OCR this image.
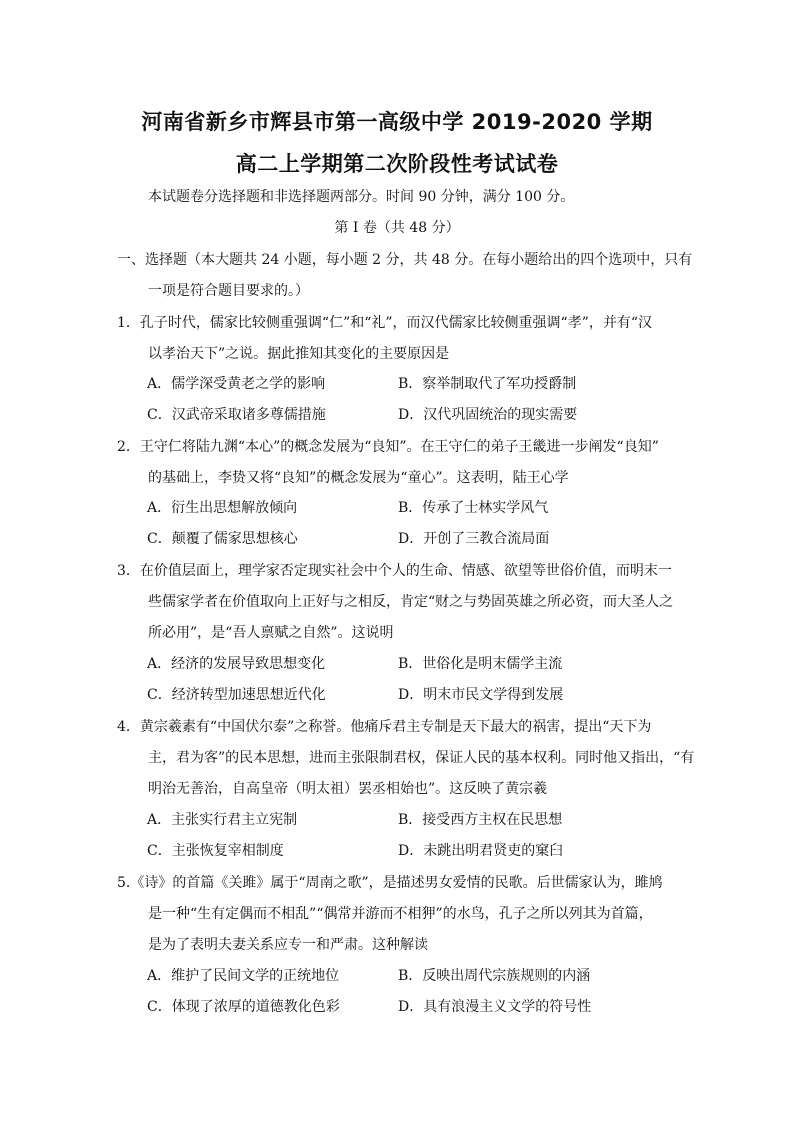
河南省新乡市辉县市第一高级中学 2019-2020 学期
高二上学期第二次阶段性考试试卷
本试题卷分选择题和非选择题两部分。时间 90 分钟，满分 100 分。
第 I 卷（共 48 分）
一、选择题（本大题共 24 小题，每小题 2 分，共 48 分。在每小题给出的四个选项中，只有
一项是符合题目要求的。）
1．孔子时代，儒家比较侧重强调“仁”和“礼”，而汉代儒家比较侧重强调“孝”，并有“汉
以孝治天下”之说。据此推知其变化的主要原因是
A．儒学深受黄老之学的影响	B．察举制取代了军功授爵制
C．汉武帝采取诸多尊儒措施	D．汉代巩固统治的现实需要
2．王守仁将陆九渊“本心”的概念发展为“良知”。在王守仁的弟子王畿进一步阐发“良知”
的基础上，李贽又将“良知”的概念发展为“童心”。这表明，陆王心学
A．衍生出思想解放倾向	B．传承了士林实学风气
C．颠覆了儒家思想核心	D．开创了三教合流局面
3．在价值层面上，理学家否定现实社会中个人的生命、情感、欲望等世俗价值，而明末一
些儒家学者在价值取向上正好与之相反，肯定“财之与势固英雄之所必资，而大圣人之
所必用”，是“吾人禀赋之自然”。这说明
A．经济的发展导致思想变化	B．世俗化是明末儒学主流
C．经济转型加速思想近代化	D．明末市民文学得到发展
4．黄宗羲素有“中国伏尔泰”之称誉。他痛斥君主专制是天下最大的祸害，提出“天下为
主，君为客”的民本思想，进而主张限制君权，保证人民的基本权利。同时他又指出，“有
明治无善治，自高皇帝（明太祖）罢丞相始也”。这反映了黄宗羲
A．主张实行君主立宪制	B．接受西方主权在民思想
C．主张恢复宰相制度	D．未跳出明君贤吏的窠臼
5.《诗》的首篇《关雎》属于“周南之歌”，是描述男女爱情的民歌。后世儒家认为，雎鸠
是一种“生有定偶而不相乱”“偶常并游而不相狎”的水鸟，孔子之所以列其为首篇，
是为了表明夫妻关系应专一和严肃。这种解读
A．维护了民间文学的正统地位	B．反映出周代宗族规则的内涵
C．体现了浓厚的道德教化色彩	D．具有浪漫主义文学的符号性
